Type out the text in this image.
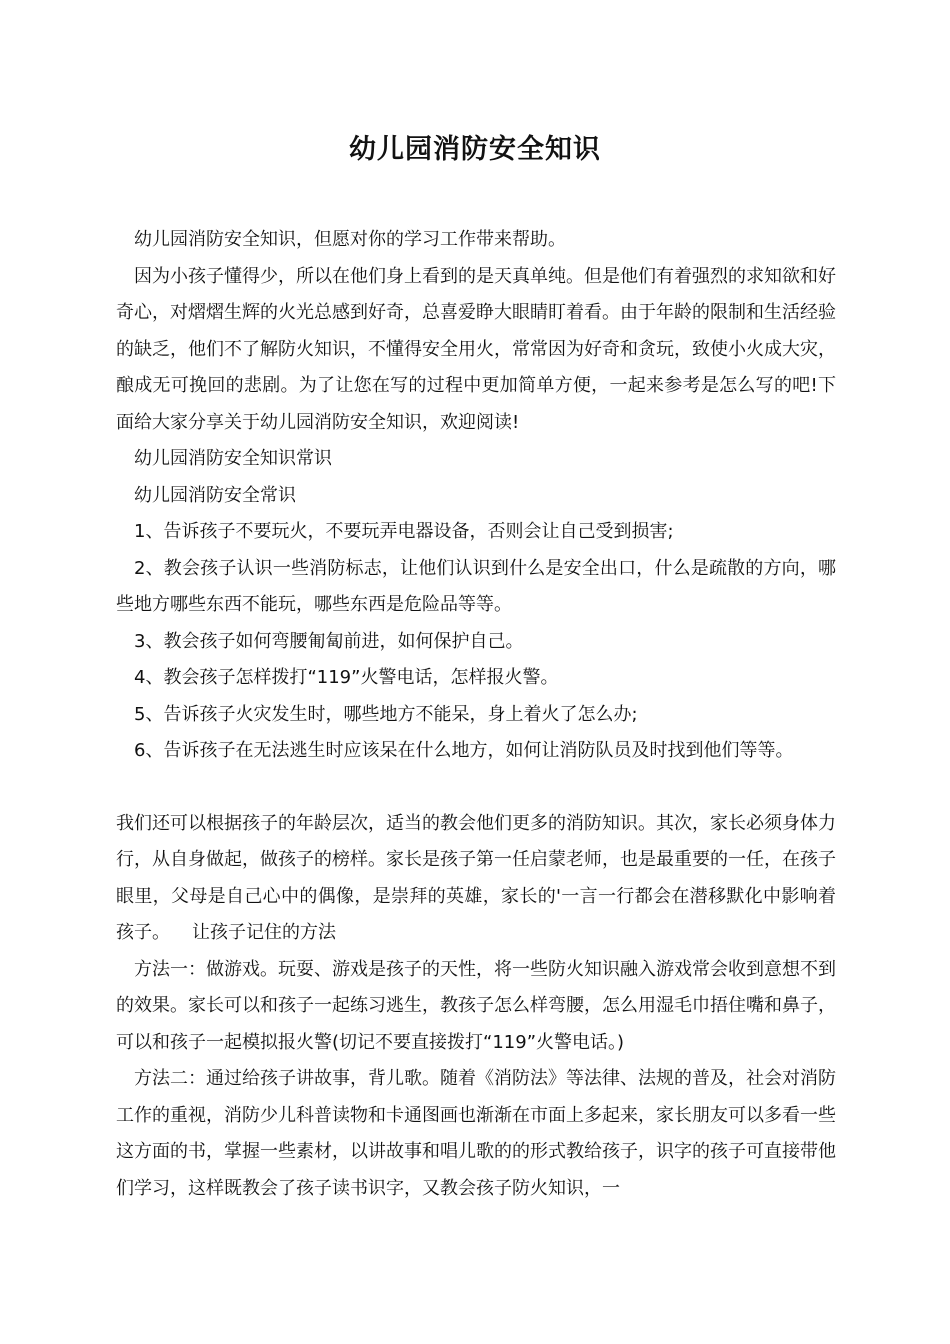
幼儿园消防安全知识

幼儿园消防安全知识，但愿对你的学习工作带来帮助。

因为小孩子懂得少，所以在他们身上看到的是天真单纯。但是他们有着强烈的求知欲和好奇心，对熠熠生辉的火光总感到好奇，总喜爱睁大眼睛盯着看。由于年龄的限制和生活经验的缺乏，他们不了解防火知识，不懂得安全用火，常常因为好奇和贪玩，致使小火成大灾，酿成无可挽回的悲剧。为了让您在写的过程中更加简单方便，一起来参考是怎么写的吧!下面给大家分享关于幼儿园消防安全知识，欢迎阅读!

幼儿园消防安全知识常识

幼儿园消防安全常识

1、告诉孩子不要玩火，不要玩弄电器设备，否则会让自己受到损害;

2、教会孩子认识一些消防标志，让他们认识到什么是安全出口，什么是疏散的方向，哪些地方哪些东西不能玩，哪些东西是危险品等等。

3、教会孩子如何弯腰匍匐前进，如何保护自己。

4、教会孩子怎样拨打“119”火警电话，怎样报火警。

5、告诉孩子火灾发生时，哪些地方不能呆，身上着火了怎么办;

6、告诉孩子在无法逃生时应该呆在什么地方，如何让消防队员及时找到他们等等。

我们还可以根据孩子的年龄层次，适当的教会他们更多的消防知识。其次，家长必须身体力行，从自身做起，做孩子的榜样。家长是孩子第一任启蒙老师，也是最重要的一任，在孩子眼里，父母是自己心中的偶像，是崇拜的英雄，家长的'一言一行都会在潜移默化中影响着孩子。 让孩子记住的方法

方法一：做游戏。玩耍、游戏是孩子的天性，将一些防火知识融入游戏常会收到意想不到的效果。家长可以和孩子一起练习逃生，教孩子怎么样弯腰，怎么用湿毛巾捂住嘴和鼻子，可以和孩子一起模拟报火警(切记不要直接拨打“119”火警电话。)

方法二：通过给孩子讲故事，背儿歌。随着《消防法》等法律、法规的普及，社会对消防工作的重视，消防少儿科普读物和卡通图画也渐渐在市面上多起来，家长朋友可以多看一些这方面的书，掌握一些素材，以讲故事和唱儿歌的的形式教给孩子，识字的孩子可直接带他们学习，这样既教会了孩子读书识字，又教会孩子防火知识，一
